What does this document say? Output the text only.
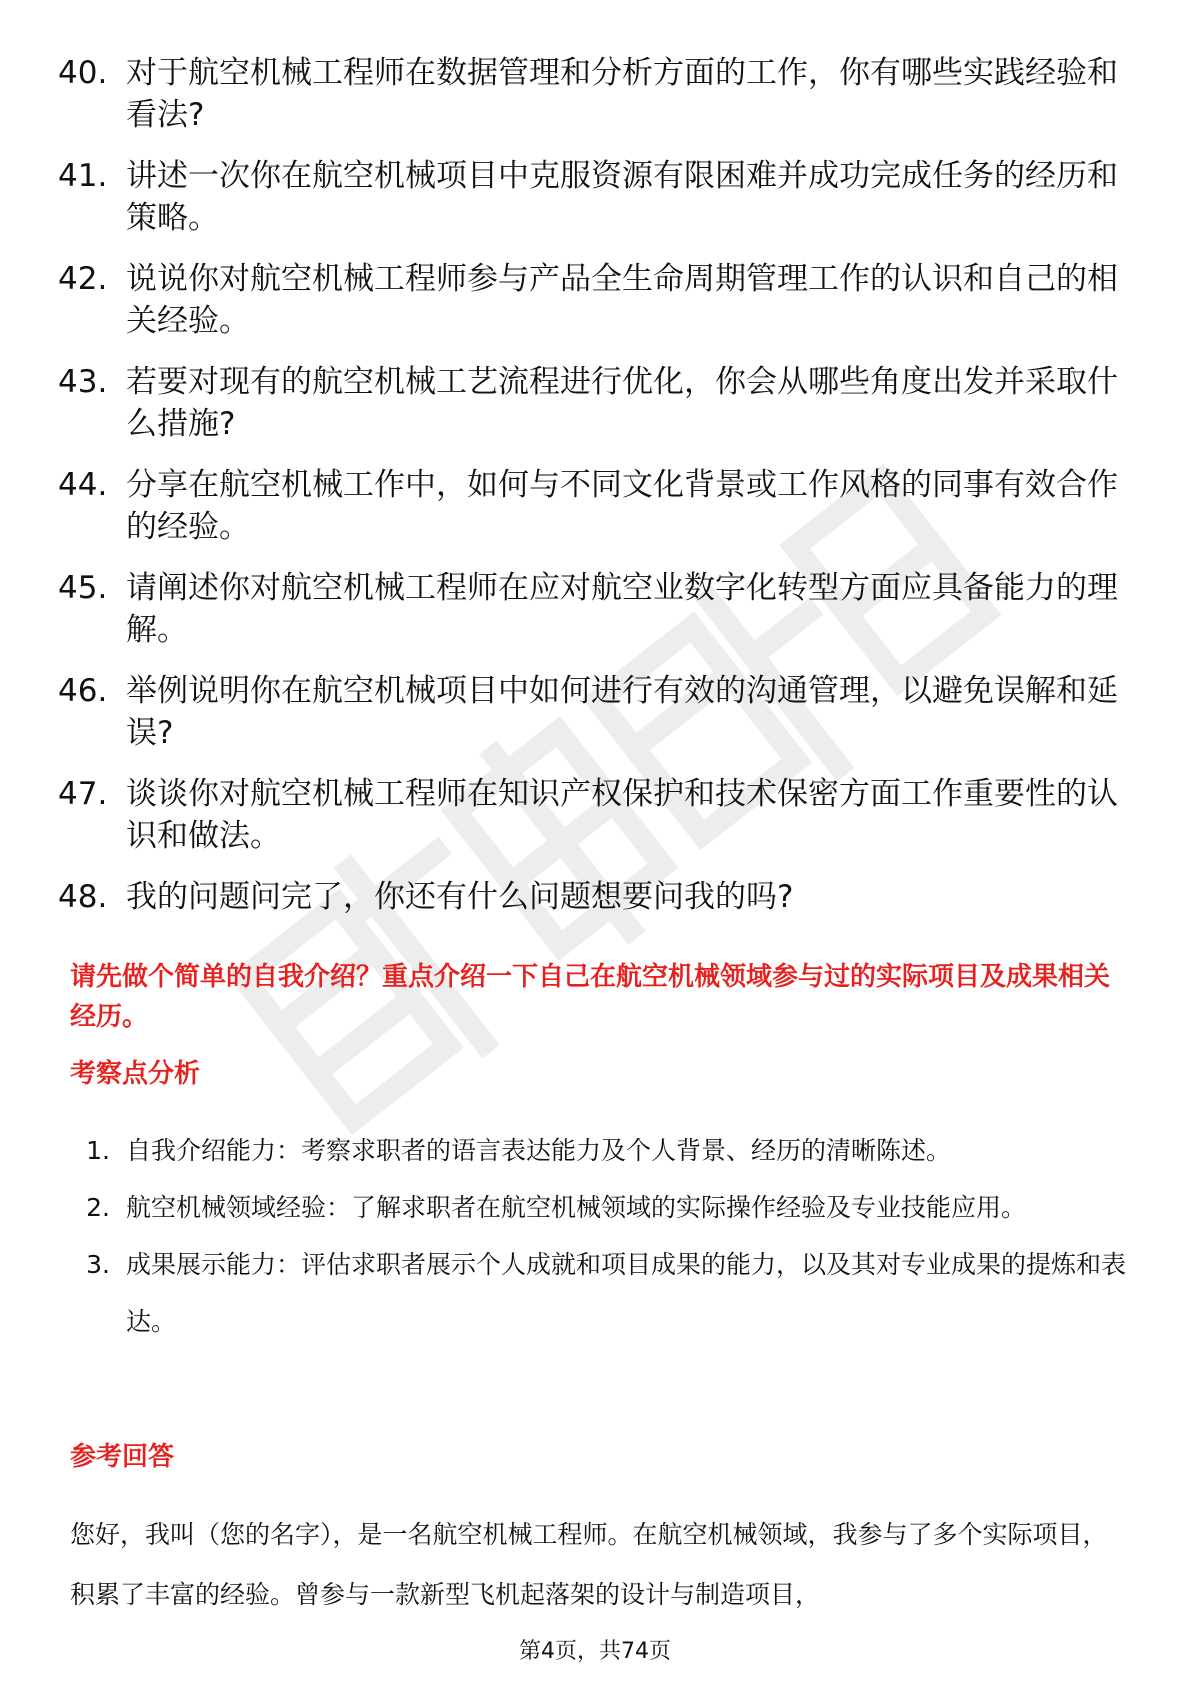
40. 对于航空机械工程师在数据管理和分析方面的工作，你有哪些实践经验和看法?
41. 讲述一次你在航空机械项目中克服资源有限困难并成功完成任务的经历和策略。
42. 说说你对航空机械工程师参与产品全生命周期管理工作的认识和自己的相关经验。
43. 若要对现有的航空机械工艺流程进行优化，你会从哪些角度出发并采取什么措施?
44. 分享在航空机械工作中，如何与不同文化背景或工作风格的同事有效合作的经验。
45. 请阐述你对航空机械工程师在应对航空业数字化转型方面应具备能力的理解。
46. 举例说明你在航空机械项目中如何进行有效的沟通管理，以避免误解和延误?
47. 谈谈你对航空机械工程师在知识产权保护和技术保密方面工作重要性的认识和做法。
48. 我的问题问完了，你还有什么问题想要问我的吗?

请先做个简单的自我介绍？重点介绍一下自己在航空机械领域参与过的实际项目及成果相关经历。

考察点分析
1. 自我介绍能力：考察求职者的语言表达能力及个人背景、经历的清晰陈述。
2. 航空机械领域经验：了解求职者在航空机械领域的实际操作经验及专业技能应用。
3. 成果展示能力：评估求职者展示个人成就和项目成果的能力，以及其对专业成果的提炼和表达。
参考回答

您好，我叫（您的名字），是一名航空机械工程师。在航空机械领域，我参与了多个实际项目，积累了丰富的经验。曾参与一款新型飞机起落架的设计与制造项目，

第4页，共74页
